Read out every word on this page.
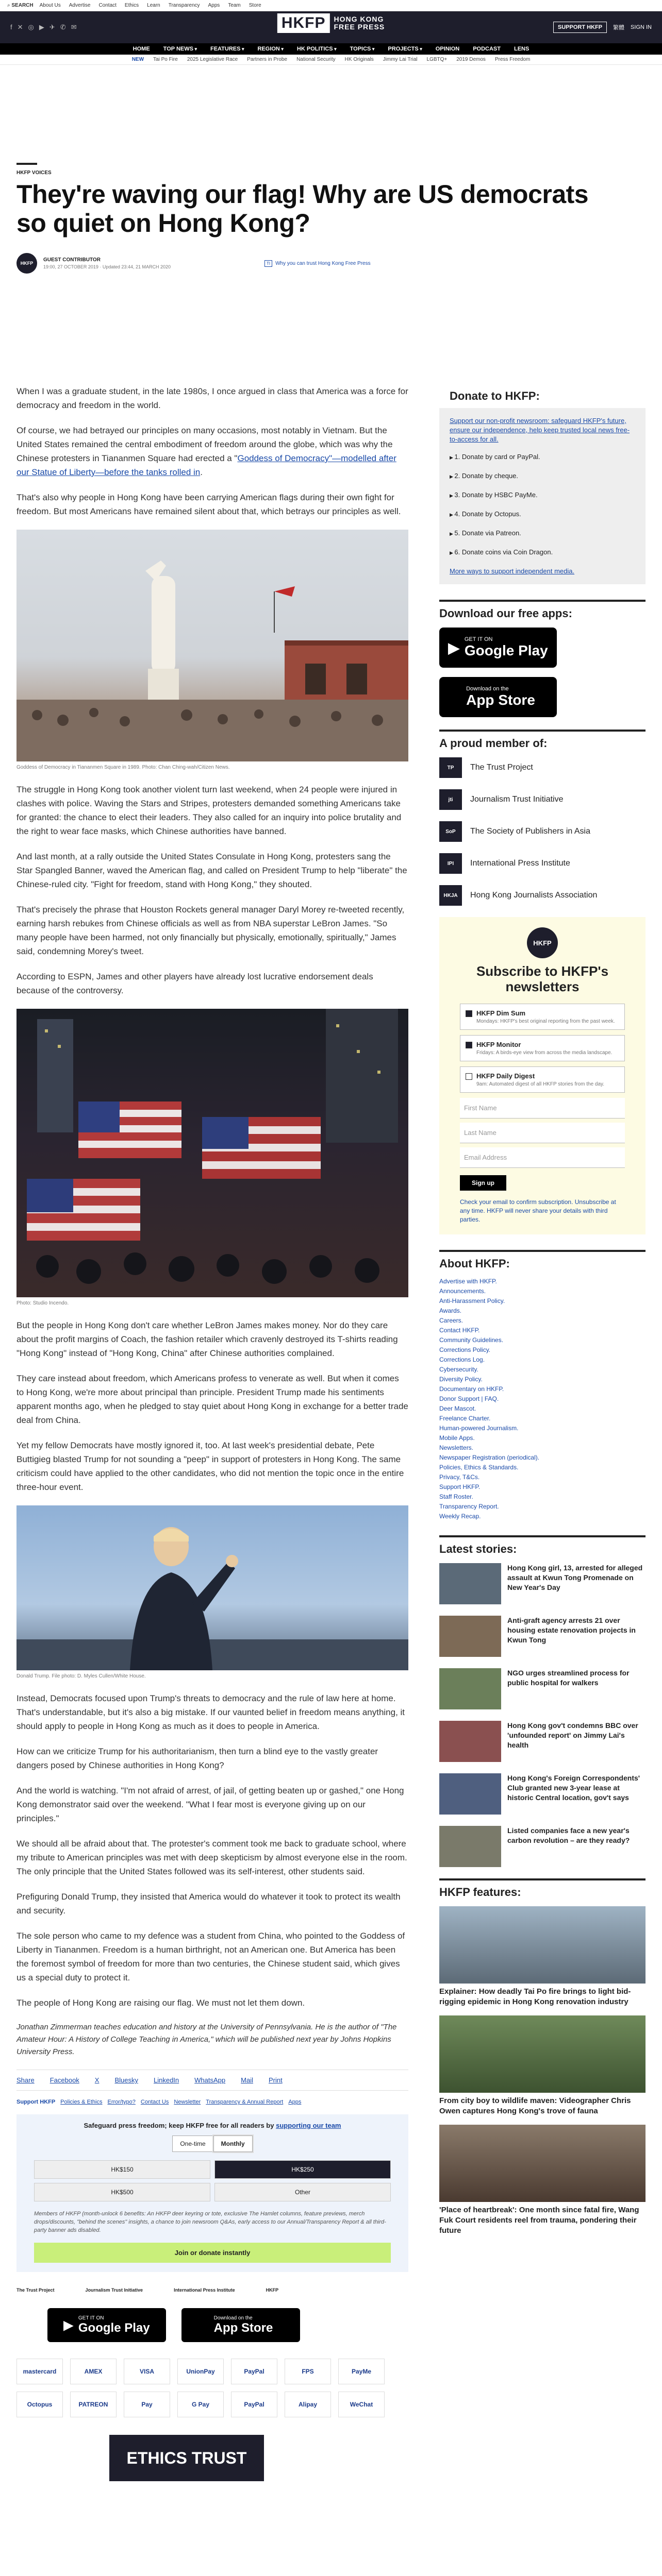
⌕
SEARCH About Us Advertise Contact Ethics Learn Transparency Apps Team Store
f ✕ ◎ ▶ ✈ ✆ ✉	SUPPORT HKFP	繁體 SIGN IN
HKFP	HONG KONG
FREE PRESS
HOME TOP NEWS ▾	FEATURES ▾	REGION ▾	HK POLITICS ▾	TOPICS ▾	PROJECTS ▾	OPINION PODCAST LENS
NEW Tai Po Fire 2025 Legislative Race Partners in Probe National Security HK Originals Jimmy Lai Trial LGBTQ+ 2019 Demos Press Freedom
HKFP VOICES
They're waving our flag! Why are US democrats so quiet on Hong Kong?
HKFP
GUEST CONTRIBUTOR
19:00, 27 OCTOBER 2019 · Updated 23:44, 21 MARCH 2020
TI	Why you can trust Hong Kong Free Press

When I was a graduate student, in the late 1980s, I once argued in class that America was a force for democracy and freedom in the world.

Of course, we had betrayed our principles on many occasions, most notably in Vietnam. But the United States remained the central embodiment of freedom around the globe, which was why the Chinese protesters in Tiananmen Square had erected a "Goddess of Democracy"—modelled after our Statue of Liberty—before the tanks rolled in.

That's also why people in Hong Kong have been carrying American flags during their own fight for freedom. But most Americans have remained silent about that, which betrays our principles as well.

Goddess of Democracy in Tiananmen Square in 1989. Photo: Chan Ching-wah/Citizen News.

The struggle in Hong Kong took another violent turn last weekend, when 24 people were injured in clashes with police. Waving the Stars and Stripes, protesters demanded something Americans take for granted: the chance to elect their leaders. They also called for an inquiry into police brutality and the right to wear face masks, which Chinese authorities have banned.

And last month, at a rally outside the United States Consulate in Hong Kong, protesters sang the Star Spangled Banner, waved the American flag, and called on President Trump to help "liberate" the Chinese-ruled city. "Fight for freedom, stand with Hong Kong," they shouted.

That's precisely the phrase that Houston Rockets general manager Daryl Morey re-tweeted recently, earning harsh rebukes from Chinese officials as well as from NBA superstar LeBron James. "So many people have been harmed, not only financially but physically, emotionally, spiritually," James said, condemning Morey's tweet.

According to ESPN, James and other players have already lost lucrative endorsement deals because of the controversy.

Photo: Studio Incendo.

But the people in Hong Kong don't care whether LeBron James makes money. Nor do they care about the profit margins of Coach, the fashion retailer which cravenly destroyed its T-shirts reading "Hong Kong" instead of "Hong Kong, China" after Chinese authorities complained.

They care instead about freedom, which Americans profess to venerate as well. But when it comes to Hong Kong, we're more about principal than principle. President Trump made his sentiments apparent months ago, when he pledged to stay quiet about Hong Kong in exchange for a better trade deal from China.

Yet my fellow Democrats have mostly ignored it, too. At last week's presidential debate, Pete Buttigieg blasted Trump for not sounding a "peep" in support of protesters in Hong Kong. The same criticism could have applied to the other candidates, who did not mention the topic once in the entire three-hour event.

Donald Trump. File photo: D. Myles Cullen/White House.

Instead, Democrats focused upon Trump's threats to democracy and the rule of law here at home. That's understandable, but it's also a big mistake. If our vaunted belief in freedom means anything, it should apply to people in Hong Kong as much as it does to people in America.

How can we criticize Trump for his authoritarianism, then turn a blind eye to the vastly greater dangers posed by Chinese authorities in Hong Kong?

And the world is watching. "I'm not afraid of arrest, of jail, of getting beaten up or gashed," one Hong Kong demonstrator said over the weekend. "What I fear most is everyone giving up on our principles."

We should all be afraid about that. The protester's comment took me back to graduate school, where my tribute to American principles was met with deep skepticism by almost everyone else in the room. The only principle that the United States followed was its self-interest, other students said.

Prefiguring Donald Trump, they insisted that America would do whatever it took to protect its wealth and security.

The sole person who came to my defence was a student from China, who pointed to the Goddess of Liberty in Tiananmen. Freedom is a human birthright, not an American one. But America has been the foremost symbol of freedom for more than two centuries, the Chinese student said, which gives us a special duty to protect it.

The people of Hong Kong are raising our flag. We must not let them down.

Jonathan Zimmerman teaches education and history at the University of Pennsylvania. He is the author of "The Amateur Hour: A History of College Teaching in America," which will be published next year by Johns Hopkins University Press.

Share Facebook X Bluesky LinkedIn WhatsApp Mail Print
Support HKFP Policies & Ethics Error/typo? Contact Us Newsletter Transparency & Annual Report Apps
Safeguard press freedom; keep HKFP free for all readers by supporting our team
One-time	Monthly
HK$150	HK$250
HK$500	Other
Members of HKFP (month-unlock 6 benefits: An HKFP deer keyring or tote, exclusive The Hamlet columns, feature previews, merch drops/discounts, "behind the scenes" insights, a chance to join newsroom Q&As, early access to our Annual/Transparency Report & all third-party banner ads disabled.
Join or donate instantly
The Trust Project	Journalism Trust Initiative	International Press Institute	HKFP
▶
GET IT ON
Google Play
Download on the
App Store
mastercard	AMEX	VISA	UnionPay	PayPal	FPS	PayMe
Octopus	PATREON	Pay	G Pay	PayPal	Alipay	WeChat
ETHICS TRUST
Donate to HKFP:
Support our non-profit newsroom: safeguard HKFP's future, ensure our independence, help keep trusted local news free-to-access for all.
▶ 1. Donate by card or PayPal.
▶ 2. Donate by cheque.
▶ 3. Donate by HSBC PayMe.
▶ 4. Donate by Octopus.
▶ 5. Donate via Patreon.
▶ 6. Donate coins via Coin Dragon.
More ways to support independent media.
Download our free apps:
▶
GET IT ON
Google Play
Download on the
App Store
A proud member of:
TP	The Trust Project
jti	Journalism Trust Initiative
SoP	The Society of Publishers in Asia
IPI	International Press Institute
HKJA	Hong Kong Journalists Association
HKFP
Subscribe to HKFP's newsletters
HKFP Dim Sum
Mondays: HKFP's best original reporting from the past week.
HKFP Monitor
Fridays: A birds-eye view from across the media landscape.
HKFP Daily Digest
9am: Automated digest of all HKFP stories from the day.
First Name
Last Name
Email Address
Sign up
Check your email to confirm subscription. Unsubscribe at any time. HKFP will never share your details with third parties.
About HKFP:
Advertise with HKFP.
Announcements.
Anti-Harassment Policy.
Awards.
Careers.
Contact HKFP.
Community Guidelines.
Corrections Policy.
Corrections Log.
Cybersecurity.
Diversity Policy.
Documentary on HKFP.
Donor Support | FAQ.
Deer Mascot.
Freelance Charter.
Human-powered Journalism.
Mobile Apps.
Newsletters.
Newspaper Registration (periodical).
Policies, Ethics & Standards.
Privacy, T&Cs.
Support HKFP.
Staff Roster.
Transparency Report.
Weekly Recap.
Latest stories:
Hong Kong girl, 13, arrested for alleged assault at Kwun Tong Promenade on New Year's Day
Anti-graft agency arrests 21 over housing estate renovation projects in Kwun Tong
NGO urges streamlined process for public hospital for walkers
Hong Kong gov't condemns BBC over 'unfounded report' on Jimmy Lai's health
Hong Kong's Foreign Correspondents' Club granted new 3-year lease at historic Central location, gov't says
Listed companies face a new year's carbon revolution – are they ready?
HKFP features:
Explainer: How deadly Tai Po fire brings to light bid-rigging epidemic in Hong Kong renovation industry
From city boy to wildlife maven: Videographer Chris Owen captures Hong Kong's trove of fauna
'Place of heartbreak': One month since fatal fire, Wang Fuk Court residents reel from trauma, pondering their future
